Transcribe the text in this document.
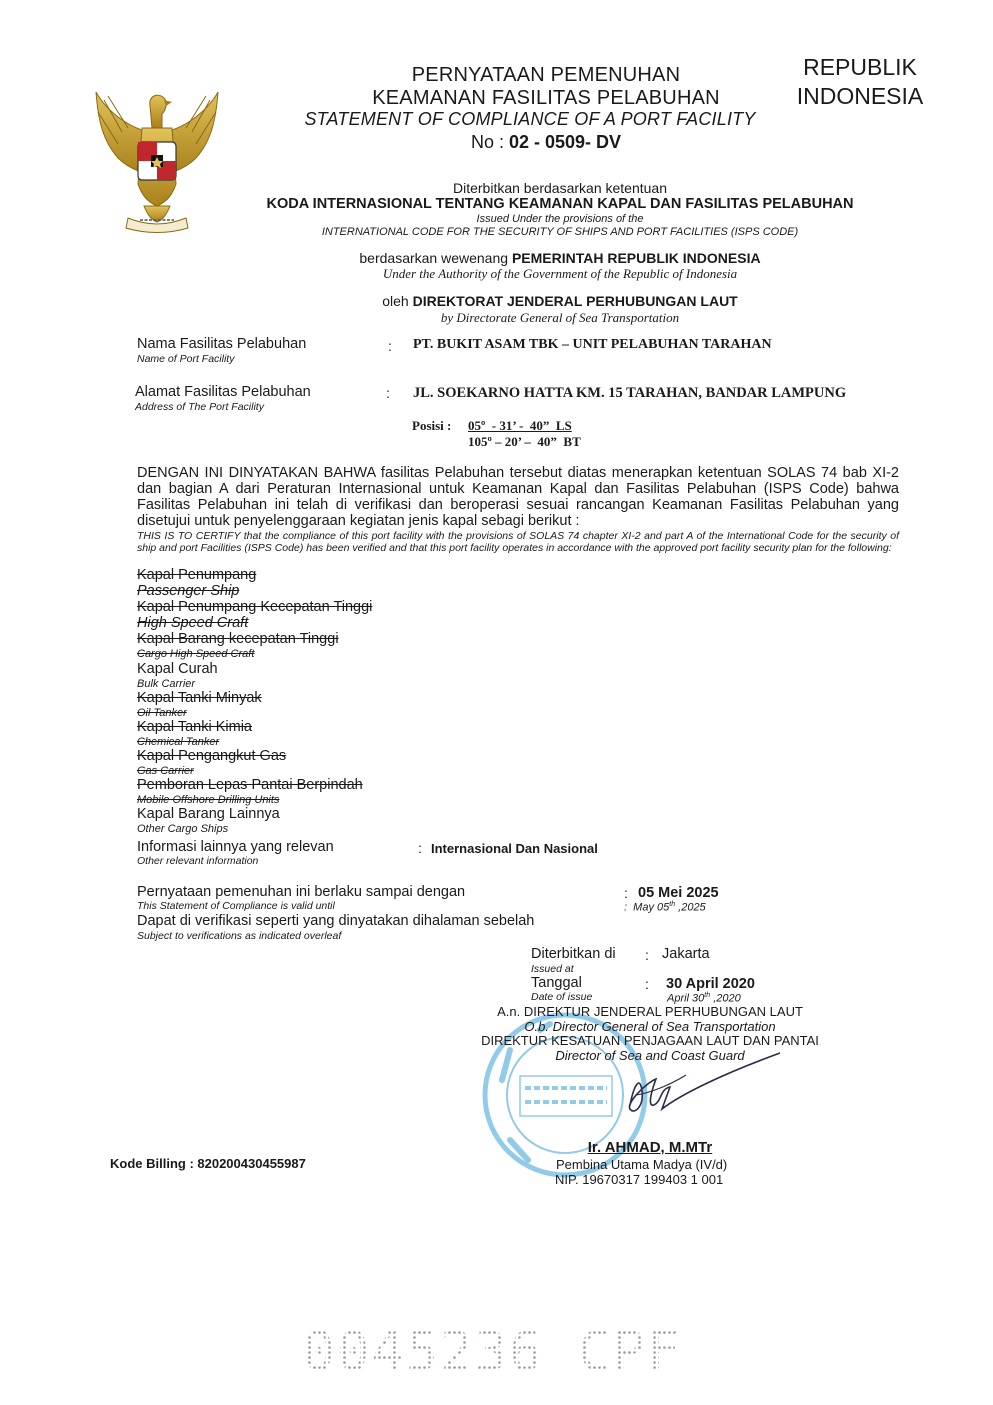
PERNYATAAN PEMENUHAN
KEAMANAN FASILITAS PELABUHAN
STATEMENT OF COMPLIANCE OF A PORT FACILITY
No : 02 - 0509- DV
REPUBLIK
INDONESIA
Diterbitkan berdasarkan ketentuan
KODA INTERNASIONAL TENTANG KEAMANAN KAPAL DAN FASILITAS PELABUHAN
Issued Under the provisions of the
INTERNATIONAL CODE FOR THE SECURITY OF SHIPS AND PORT FACILITIES (ISPS CODE)
berdasarkan wewenang PEMERINTAH REPUBLIK INDONESIA
Under the Authority of the Government of the Republic of Indonesia
oleh DIREKTORAT JENDERAL PERHUBUNGAN LAUT
by Directorate General of Sea Transportation
Nama Fasilitas Pelabuhan
Name of Port Facility
: PT. BUKIT ASAM TBK – UNIT PELABUHAN TARAHAN
Alamat Fasilitas Pelabuhan
Address of The Port Facility
: JL. SOEKARNO HATTA KM. 15 TARAHAN, BANDAR LAMPUNG
Posisi : 05º  - 31’ -  40”  LS
105º – 20’ –  40”  BT
DENGAN INI DINYATAKAN BAHWA fasilitas Pelabuhan tersebut diatas menerapkan ketentuan SOLAS 74 bab XI-2 dan bagian A dari Peraturan Internasional untuk Keamanan Kapal dan Fasilitas Pelabuhan (ISPS Code) bahwa Fasilitas Pelabuhan ini telah di verifikasi dan beroperasi sesuai rancangan Keamanan Fasilitas Pelabuhan yang disetujui untuk penyelenggaraan kegiatan jenis kapal sebagi berikut :
THIS IS TO CERTIFY that the compliance of this port facility with the provisions of SOLAS 74 chapter XI-2 and part A of the International Code for the security of ship and port Facilities (ISPS Code) has been verified and that this port facility operates in accordance with the approved port facility security plan for the following:
Kapal Penumpang
Passenger Ship
Kapal Penumpang Kecepatan Tinggi
High Speed Craft
Kapal Barang kecepatan Tinggi
Cargo High Speed Craft
Kapal Curah
Bulk Carrier
Kapal Tanki Minyak
Oil Tanker
Kapal Tanki Kimia
Chemical Tanker
Kapal Pengangkut Gas
Gas Carrier
Pemboran Lepas Pantai Berpindah
Mobile Offshore Drilling Units
Kapal Barang Lainnya
Other Cargo Ships
Informasi lainnya yang relevan
Other relevant information
: Internasional Dan Nasional
Pernyataan pemenuhan ini berlaku sampai dengan
This Statement of Compliance is valid until
: 05 Mei 2025
:  May 05th ,2025
Dapat di verifikasi seperti yang dinyatakan dihalaman sebelah
Subject to verifications as indicated overleaf
Diterbitkan di
Issued at
: Jakarta
Tanggal
Date of issue
: 30 April 2020
April 30th ,2020
A.n. DIREKTUR JENDERAL PERHUBUNGAN LAUT
O.b. Director General of Sea Transportation
DIREKTUR KESATUAN PENJAGAAN LAUT DAN PANTAI
Director of Sea and Coast Guard
Ir. AHMAD, M.MTr
Pembina Utama Madya (IV/d)
NIP. 19670317 199403 1 001
Kode Billing : 820200430455987
0045236 CPF
